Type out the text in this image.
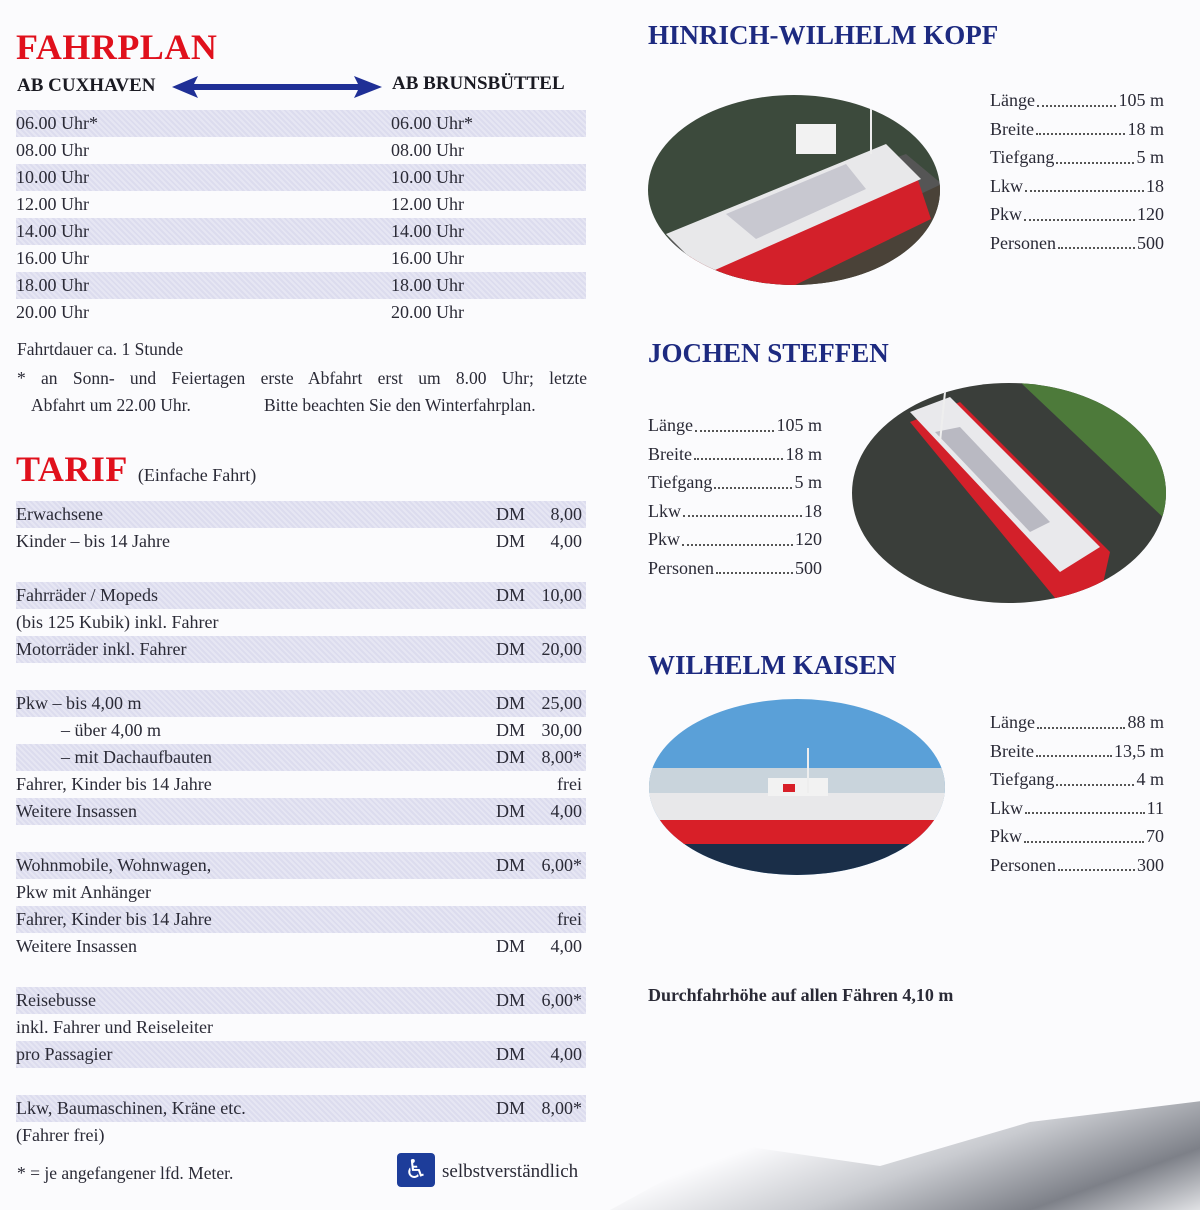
FAHRPLAN
AB CUXHAVEN	AB BRUNSBÜTTEL
06.00 Uhr*	06.00 Uhr*
08.00 Uhr	08.00 Uhr
10.00 Uhr	10.00 Uhr
12.00 Uhr	12.00 Uhr
14.00 Uhr	14.00 Uhr
16.00 Uhr	16.00 Uhr
18.00 Uhr	18.00 Uhr
20.00 Uhr	20.00 Uhr
Fahrtdauer ca. 1 Stunde
* an Sonn- und Feiertagen erste Abfahrt erst um 8.00 Uhr; letzte
Abfahrt um 22.00 Uhr.	Bitte beachten Sie den Winterfahrplan.
TARIF (Einfache Fahrt)
Erwachsene	DM	8,00
Kinder – bis 14 Jahre	DM	4,00
Fahrräder / Mopeds	DM 10,00
(bis 125 Kubik) inkl. Fahrer
Motorräder inkl. Fahrer	DM 20,00
Pkw – bis 4,00 m	DM 25,00
– über 4,00 m	DM 30,00
– mit Dachaufbauten	DM 8,00*
Fahrer, Kinder bis 14 Jahre	frei
Weitere Insassen	DM	4,00
Wohnmobile, Wohnwagen,	DM 6,00*
Pkw mit Anhänger
Fahrer, Kinder bis 14 Jahre	frei
Weitere Insassen	DM	4,00
Reisebusse	DM 6,00*
inkl. Fahrer und Reiseleiter
pro Passagier	DM	4,00
Lkw, Baumaschinen, Kräne etc.	DM 8,00*
(Fahrer frei)
* = je angefangener lfd. Meter.	♿ selbstverständlich
HINRICH-WILHELM KOPF
Länge	105 m
Breite	18 m
Tiefgang	5 m
Lkw	18
Pkw	120
Personen	500
JOCHEN STEFFEN
Länge	105 m
Breite	18 m
Tiefgang	5 m
Lkw	18
Pkw	120
Personen	500
WILHELM KAISEN
Länge	88 m
Breite	13,5 m
Tiefgang	4 m
Lkw	11
Pkw	70
Personen	300
Durchfahrhöhe auf allen Fähren 4,10 m
